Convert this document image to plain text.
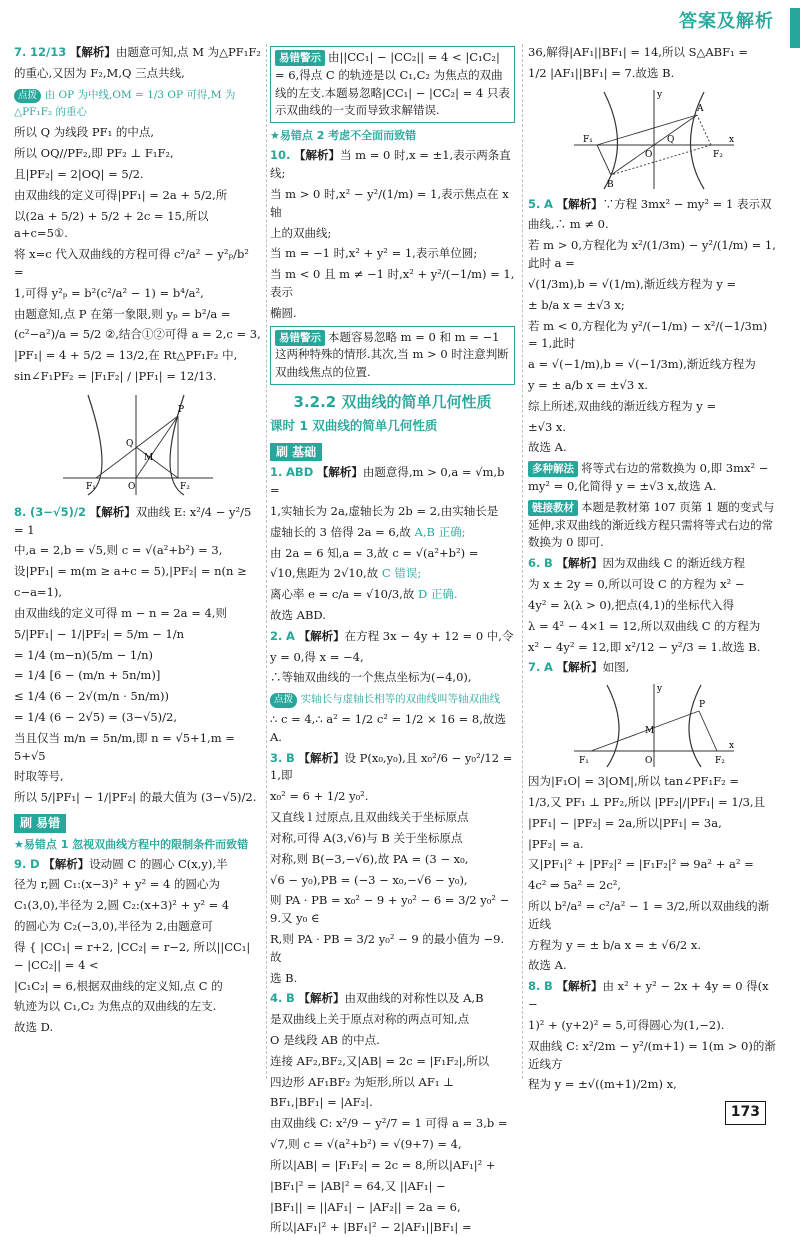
答案及解析

7. 12/13 【解析】由题意可知,点 M 为△PF₁F₂

的重心,又因为 F₂,M,Q 三点共线,

点拨 由 OP 为中线,OM = 1/3 OP 可得,M 为△PF₁F₂ 的重心

所以 Q 为线段 PF₁ 的中点,

所以 OQ//PF₂,即 PF₂ ⊥ F₁F₂,

且|PF₂| = 2|OQ| = 5/2.

由双曲线的定义可得|PF₁| = 2a + 5/2,所

以(2a + 5/2) + 5/2 + 2c = 15,所以 a+c=5①.

将 x=c 代入双曲线的方程可得 c²/a² − y²ₚ/b² =

1,可得 y²ₚ = b²(c²/a² − 1) = b⁴/a²,

由题意知,点 P 在第一象限,则 yₚ = b²/a =

(c²−a²)/a = 5/2 ②,结合①②可得 a = 2,c = 3,

|PF₁| = 4 + 5/2 = 13/2,在 Rt△PF₁F₂ 中,

sin∠F₁PF₂ = |F₁F₂| / |PF₁| = 12/13.

P
Q
M
O
F₁	F₂

8. (3−√5)/2 【解析】双曲线 E: x²/4 − y²/5 = 1

中,a = 2,b = √5,则 c = √(a²+b²) = 3,

设|PF₁| = m(m ≥ a+c = 5),|PF₂| = n(n ≥

c−a=1),

由双曲线的定义可得 m − n = 2a = 4,则

5/|PF₁| − 1/|PF₂| = 5/m − 1/n

= 1/4 (m−n)(5/m − 1/n)

= 1/4 [6 − (m/n + 5n/m)]

≤ 1/4 (6 − 2√(m/n · 5n/m))

= 1/4 (6 − 2√5) = (3−√5)/2,

当且仅当 m/n = 5n/m,即 n = √5+1,m = 5+√5

时取等号,

所以 5/|PF₁| − 1/|PF₂| 的最大值为 (3−√5)/2.

刷 易错

★易错点 1 忽视双曲线方程中的限制条件而致错

9. D 【解析】设动圆 C 的圆心 C(x,y),半

径为 r,圆 C₁:(x−3)² + y² = 4 的圆心为

C₁(3,0),半径为 2,圆 C₂:(x+3)² + y² = 4

的圆心为 C₂(−3,0),半径为 2,由题意可

得 { |CC₁| = r+2, |CC₂| = r−2, 所以||CC₁| − |CC₂|| = 4 <

|C₁C₂| = 6,根据双曲线的定义知,点 C 的

轨迹为以 C₁,C₂ 为焦点的双曲线的左支.

故选 D.

易错警示 由||CC₁| − |CC₂|| = 4 < |C₁C₂| = 6,得点 C 的轨迹是以 C₁,C₂ 为焦点的双曲线的左支.本题易忽略|CC₁| − |CC₂| = 4 只表示双曲线的一支而导致求解错误.

★易错点 2 考虑不全面而致错

10. 【解析】当 m = 0 时,x = ±1,表示两条直线;

当 m > 0 时,x² − y²/(1/m) = 1,表示焦点在 x 轴

上的双曲线;

当 m = −1 时,x² + y² = 1,表示单位圆;

当 m < 0 且 m ≠ −1 时,x² + y²/(−1/m) = 1,表示

椭圆.

易错警示 本题容易忽略 m = 0 和 m = −1 这两种特殊的情形.其次,当 m > 0 时注意判断双曲线焦点的位置.
3.2.2 双曲线的简单几何性质
课时 1 双曲线的简单几何性质
刷 基础

1. ABD 【解析】由题意得,m > 0,a = √m,b =

1,实轴长为 2a,虚轴长为 2b = 2,由实轴长是

虚轴长的 3 倍得 2a = 6,故 A,B 正确;

由 2a = 6 知,a = 3,故 c = √(a²+b²) =

√10,焦距为 2√10,故 C 错误;

离心率 e = c/a = √10/3,故 D 正确.

故选 ABD.

2. A 【解析】在方程 3x − 4y + 12 = 0 中,令

y = 0,得 x = −4,

∴等轴双曲线的一个焦点坐标为(−4,0),

点拨 实轴长与虚轴长相等的双曲线叫等轴双曲线

∴ c = 4,∴ a² = 1/2 c² = 1/2 × 16 = 8,故选 A.

3. B 【解析】设 P(x₀,y₀),且 x₀²/6 − y₀²/12 = 1,即

x₀² = 6 + 1/2 y₀².

又直线 l 过原点,且双曲线关于坐标原点

对称,可得 A(3,√6)与 B 关于坐标原点

对称,则 B(−3,−√6),故 PA = (3 − x₀,

√6 − y₀),PB = (−3 − x₀,−√6 − y₀),

则 PA · PB = x₀² − 9 + y₀² − 6 = 3/2 y₀² − 9.又 y₀ ∈

R,则 PA · PB = 3/2 y₀² − 9 的最小值为 −9.故

选 B.

4. B 【解析】由双曲线的对称性以及 A,B

是双曲线上关于原点对称的两点可知,点

O 是线段 AB 的中点.

连接 AF₂,BF₂,又|AB| = 2c = |F₁F₂|,所以

四边形 AF₁BF₂ 为矩形,所以 AF₁ ⊥

BF₁,|BF₁| = |AF₂|.

由双曲线 C: x²/9 − y²/7 = 1 可得 a = 3,b =

√7,则 c = √(a²+b²) = √(9+7) = 4,

所以|AB| = |F₁F₂| = 2c = 8,所以|AF₁|² +

|BF₁|² = |AB|² = 64,又 ||AF₁| −

|BF₁|| = ||AF₁| − |AF₂|| = 2a = 6,

所以|AF₁|² + |BF₁|² − 2|AF₁||BF₁| =

36,解得|AF₁||BF₁| = 14,所以 S△ABF₁ =

1/2 |AF₁||BF₁| = 7.故选 B.

x
y
A
B
Q
O
F₁
F₂

5. A 【解析】∵方程 3mx² − my² = 1 表示双

曲线,∴ m ≠ 0.

若 m > 0,方程化为 x²/(1/3m) − y²/(1/m) = 1,此时 a =

√(1/3m),b = √(1/m),渐近线方程为 y =

± b/a x = ±√3 x;

若 m < 0,方程化为 y²/(−1/m) − x²/(−1/3m) = 1,此时

a = √(−1/m),b = √(−1/3m),渐近线方程为

y = ± a/b x = ±√3 x.

综上所述,双曲线的渐近线方程为 y =

±√3 x.

故选 A.

多种解法 将等式右边的常数换为 0,即 3mx² − my² = 0,化简得 y = ±√3 x,故选 A.

链接教材 本题是教材第 107 页第 1 题的变式与延伸,求双曲线的渐近线方程只需将等式右边的常数换为 0 即可.

6. B 【解析】因为双曲线 C 的渐近线方程

为 x ± 2y = 0,所以可设 C 的方程为 x² −

4y² = λ(λ > 0),把点(4,1)的坐标代入得

λ = 4² − 4×1 = 12,所以双曲线 C 的方程为

x² − 4y² = 12,即 x²/12 − y²/3 = 1.故选 B.

7. A 【解析】如图,

x
y
P
M
O
F₁	F₂

因为|F₁O| = 3|OM|,所以 tan∠PF₁F₂ =

1/3,又 PF₁ ⊥ PF₂,所以 |PF₂|/|PF₁| = 1/3,且

|PF₁| − |PF₂| = 2a,所以|PF₁| = 3a,

|PF₂| = a.

又|PF₁|² + |PF₂|² = |F₁F₂|² ⇒ 9a² + a² =

4c² ⇒ 5a² = 2c²,

所以 b²/a² = c²/a² − 1 = 3/2,所以双曲线的渐近线

方程为 y = ± b/a x = ± √6/2 x.

故选 A.

8. B 【解析】由 x² + y² − 2x + 4y = 0 得(x −

1)² + (y+2)² = 5,可得圆心为(1,−2).

双曲线 C: x²/2m − y²/(m+1) = 1(m > 0)的渐近线方

程为 y = ±√((m+1)/2m) x,

173
